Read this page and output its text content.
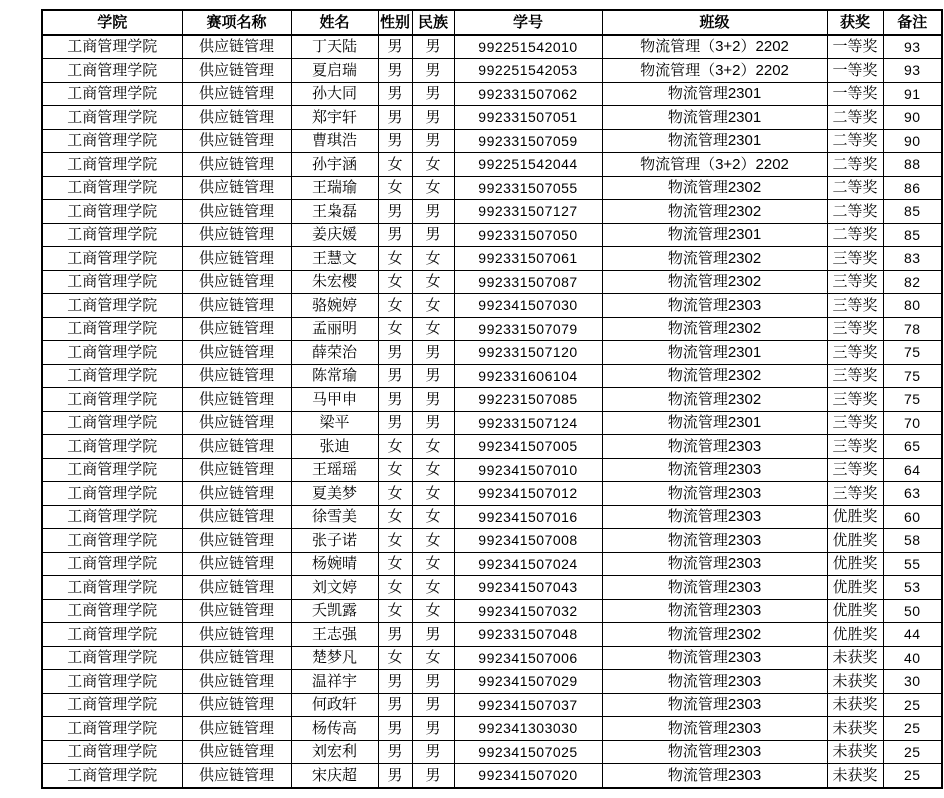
学院	赛项名称	姓名	性别	民族	学号	班级	获奖	备注
工商管理学院	供应链管理	丁天陆	男	男	992251542010	物流管理（3+2）2202	一等奖	93
工商管理学院	供应链管理	夏启瑞	男	男	992251542053	物流管理（3+2）2202	一等奖	93
工商管理学院	供应链管理	孙大同	男	男	992331507062	物流管理2301	一等奖	91
工商管理学院	供应链管理	郑宇轩	男	男	992331507051	物流管理2301	二等奖	90
工商管理学院	供应链管理	曹琪浩	男	男	992331507059	物流管理2301	二等奖	90
工商管理学院	供应链管理	孙宇涵	女	女	992251542044	物流管理（3+2）2202	二等奖	88
工商管理学院	供应链管理	王瑞瑜	女	女	992331507055	物流管理2302	二等奖	86
工商管理学院	供应链管理	王枭磊	男	男	992331507127	物流管理2302	二等奖	85
工商管理学院	供应链管理	姜庆媛	男	男	992331507050	物流管理2301	二等奖	85
工商管理学院	供应链管理	王慧文	女	女	992331507061	物流管理2302	三等奖	83
工商管理学院	供应链管理	朱宏樱	女	女	992331507087	物流管理2302	三等奖	82
工商管理学院	供应链管理	骆婉婷	女	女	992341507030	物流管理2303	三等奖	80
工商管理学院	供应链管理	孟丽明	女	女	992331507079	物流管理2302	三等奖	78
工商管理学院	供应链管理	薛荣治	男	男	992331507120	物流管理2301	三等奖	75
工商管理学院	供应链管理	陈常瑜	男	男	992331606104	物流管理2302	三等奖	75
工商管理学院	供应链管理	马甲申	男	男	992231507085	物流管理2302	三等奖	75
工商管理学院	供应链管理	梁平	男	男	992331507124	物流管理2301	三等奖	70
工商管理学院	供应链管理	张迪	女	女	992341507005	物流管理2303	三等奖	65
工商管理学院	供应链管理	王瑶瑶	女	女	992341507010	物流管理2303	三等奖	64
工商管理学院	供应链管理	夏美梦	女	女	992341507012	物流管理2303	三等奖	63
工商管理学院	供应链管理	徐雪美	女	女	992341507016	物流管理2303	优胜奖	60
工商管理学院	供应链管理	张子诺	女	女	992341507008	物流管理2303	优胜奖	58
工商管理学院	供应链管理	杨婉晴	女	女	992341507024	物流管理2303	优胜奖	55
工商管理学院	供应链管理	刘文婷	女	女	992341507043	物流管理2303	优胜奖	53
工商管理学院	供应链管理	夭凯露	女	女	992341507032	物流管理2303	优胜奖	50
工商管理学院	供应链管理	王志强	男	男	992331507048	物流管理2302	优胜奖	44
工商管理学院	供应链管理	楚梦凡	女	女	992341507006	物流管理2303	未获奖	40
工商管理学院	供应链管理	温祥宇	男	男	992341507029	物流管理2303	未获奖	30
工商管理学院	供应链管理	何政轩	男	男	992341507037	物流管理2303	未获奖	25
工商管理学院	供应链管理	杨传高	男	男	992341303030	物流管理2303	未获奖	25
工商管理学院	供应链管理	刘宏利	男	男	992341507025	物流管理2303	未获奖	25
工商管理学院	供应链管理	宋庆超	男	男	992341507020	物流管理2303	未获奖	25
